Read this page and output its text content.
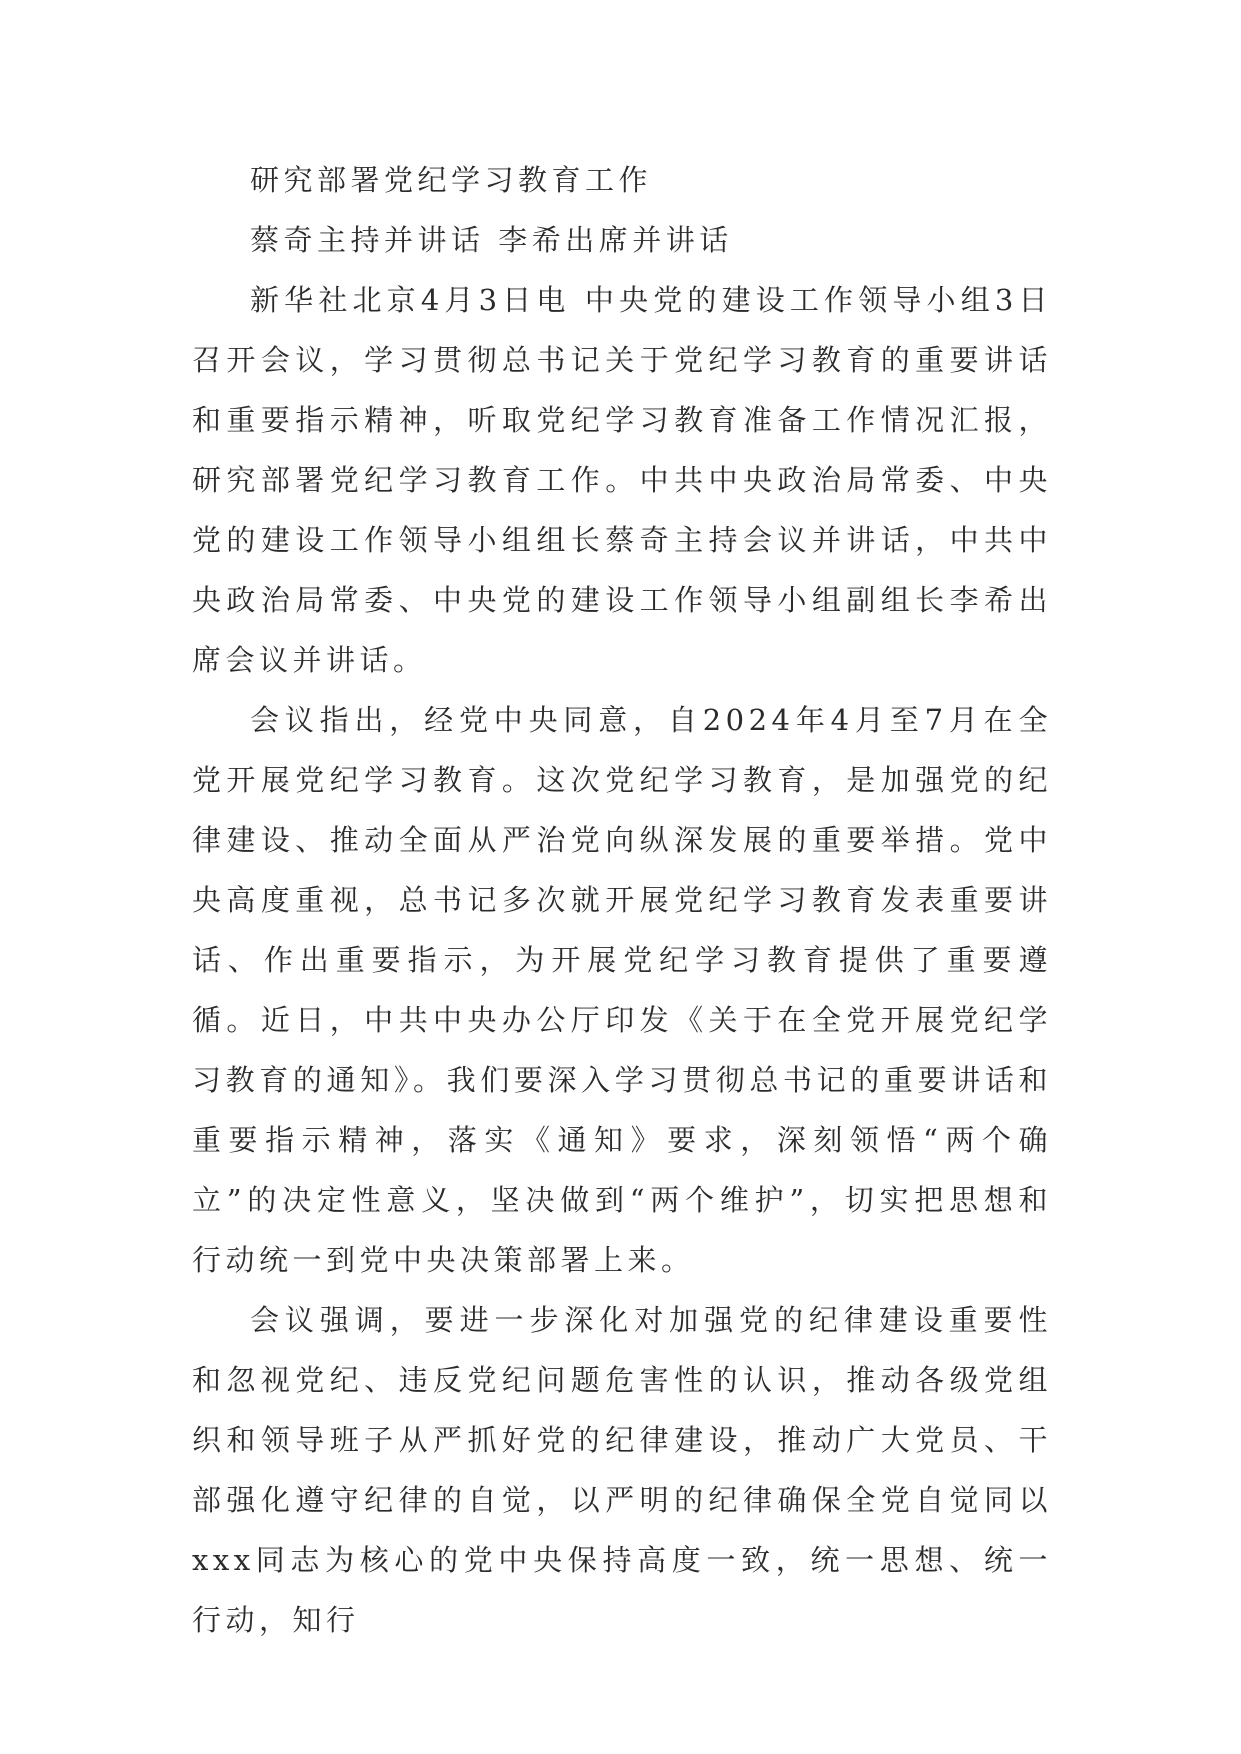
研究部署党纪学习教育工作

蔡奇主持并讲话 李希出席并讲话

新华社北京4月3日电 中央党的建设工作领导小组3日召开会议，学习贯彻总书记关于党纪学习教育的重要讲话和重要指示精神，听取党纪学习教育准备工作情况汇报，研究部署党纪学习教育工作。中共中央政治局常委、中央党的建设工作领导小组组长蔡奇主持会议并讲话，中共中央政治局常委、中央党的建设工作领导小组副组长李希出席会议并讲话。

会议指出，经党中央同意，自2024年4月至7月在全党开展党纪学习教育。这次党纪学习教育，是加强党的纪律建设、推动全面从严治党向纵深发展的重要举措。党中央高度重视，总书记多次就开展党纪学习教育发表重要讲话、作出重要指示，为开展党纪学习教育提供了重要遵循。近日，中共中央办公厅印发《关于在全党开展党纪学习教育的通知》。我们要深入学习贯彻总书记的重要讲话和重要指示精神，落实《通知》要求，深刻领悟“两个确立”的决定性意义，坚决做到“两个维护”，切实把思想和行动统一到党中央决策部署上来。

会议强调，要进一步深化对加强党的纪律建设重要性和忽视党纪、违反党纪问题危害性的认识，推动各级党组织和领导班子从严抓好党的纪律建设，推动广大党员、干部强化遵守纪律的自觉，以严明的纪律确保全党自觉同以xxx同志为核心的党中央保持高度一致，统一思想、统一行动，知行
